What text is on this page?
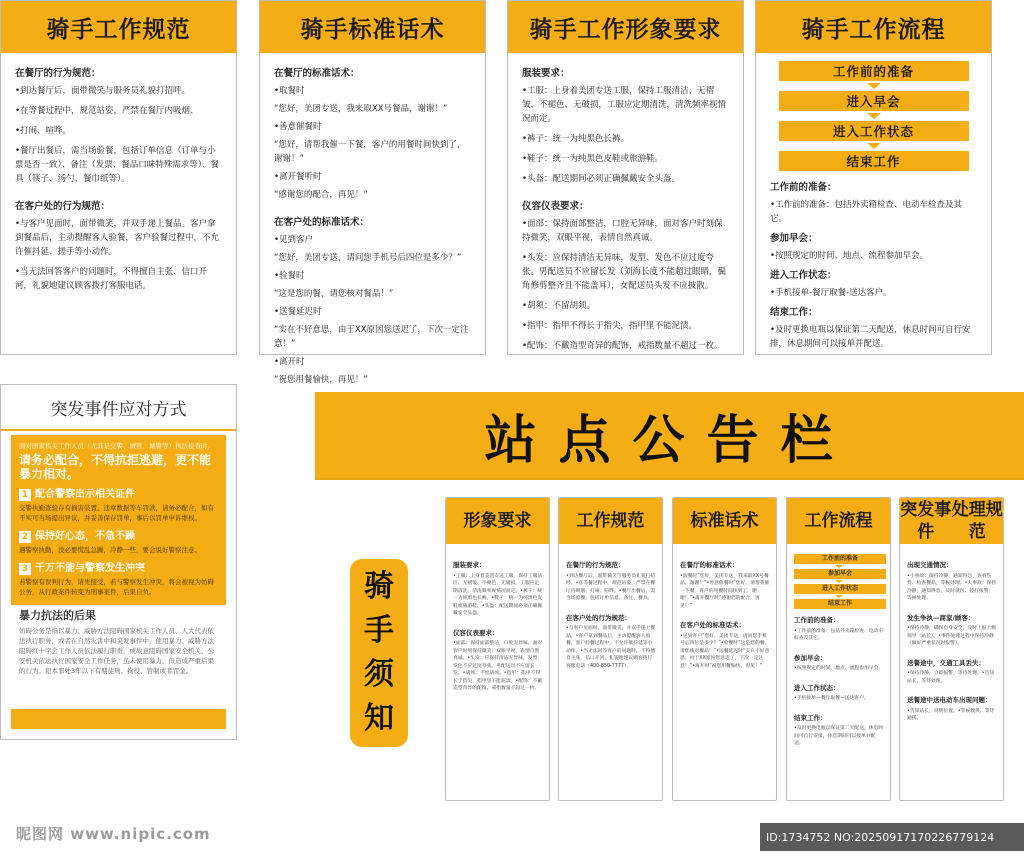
骑手工作规范
在餐厅的行为规范：
•到达餐厅后，面带微笑与服务员礼貌打招呼。
•在等餐过程中，规范站姿，严禁在餐厅内吸烟、
•打闹、喧哗。
•餐厅出餐后，需当场验餐，包括订单信息（订单与小票是否一致）、备注（发票、餐品口味特殊需求等）、餐具（筷子、汤勺、餐巾纸等）。
在客户处的行为规范：
•与客户见面时，面带微笑，并双手递上餐品。客户拿到餐品后，主动提醒客人验餐，客户验餐过程中，不允许催抖延、搓手等小动作。
•当无法回答客户的问题时，不得擅自主张、信口开河，礼貌地建议顾客拨打客服电话。
骑手标准话术
在餐厅的标准话术：
•取餐时
“您好，美团专送，我来取XX号餐品，谢谢！”
•善意催餐时
“您好，请帮我催一下餐，客户的用餐时间快到了，谢谢！”
•离开餐听时
“感谢您的配合，再见！”
在客户处的标准话术：
•见到客户
“您好，美团专送，请问您手机号后四位是多少？”
•验餐时
“这是您的餐，请您核对餐品！”
•送餐延迟时
“实在不好意思，由于XX原因您送迟了，下次一定注意！”
•离开时
“祝您用餐愉快，再见！”
骑手工作形象要求
服装要求：
•工服：上身着美团专送工服，保持工服清洁、无褶皱、不褪色、无破损，工服应定期清洗，清洗频率视情况而定。
•裤子：统一为纯黑色长裤。
•鞋子：统一为纯黑色皮鞋或旅游鞋。
•头盔：配送期间必须正确佩戴安全头盔。
仪容仪表要求：
•面部：保持面部整洁，口腔无异味，面对客户时刻保持微笑，双眼平视，表情自然真诚。
•头发：应保持清洁无异味，发型、发色不应过度夸张。男配送员不应留长发（刘海长度不能超过眼睛，鬓角修剪整齐且不能盖耳），女配送员头发不应披散。
•胡须：不留胡须。
•指甲：指甲不得长于指尖，指甲里不能泥渍。
•配饰：不戴造型奇异的配饰，戒指数量不超过一枚。
骑手工作流程
工作前的准备
进入早会
进入工作状态
结束工作
工作前的准备：
•工作前的准备：包括外卖箱检查、电动车检查及其它。
参加早会：
•按照规定的时间、地点、流程参加早会。
进入工作状态：
•手机接单-餐厅取餐-送达客户。
结束工作：
•及时更换电瓶以保证第二天配送，休息时间可自行安排，休息期间可以接单并配送。
突发事件应对方式
面对国家机关工作人员（尤其是交警、城管、城警等）执法检查时，
请务必配合，不得抗拒逃避，更不能暴力相对。
1 配合警察出示相关证件
交警执勤查验存有损害装置、违章数据等车罚款，请务必配合，如有不实可当场提出异议，并妥善保存罚单，事后以罚单申诉维权。
2 保持好心态，不急不躁
遇警察执勤，没必要慌乱急躁，冷静一些，要会说好警察注意。
3 千万不能与警察发生冲突
若警察有误判行为，请先接受，若与警察发生冲突，将会被视为妨碍公务，从行政案件转变为刑事案件，后果自负。
暴力抗法的后果
妨碍公务是指以暴力、威胁方法阻碍国家机关工作人员、人大代表依法执行职务，或者在自然灾害中和突发事件中，使用暴力、威胁方法阻碍红十字会工作人员依法履行职责，或故意阻碍国家安全机关、公安机关依法执行国家安全工作任务，虽未使用暴力、但造成严重后果的行为。犯本罪处3年以下有期徒刑、拘役、管制或者罚金。
站点公告栏
骑
手
须
知
形象要求
服装要求：
•工服：上身着美团专送工服，保持工服清洁、无褶皱、不褪色、无破损，工服应定期清洗，清洗频率视情况而定。•裤子：统一为纯黑色长裤。•鞋子：统一为纯黑色皮鞋或旅游鞋。•头盔：配送期间必须正确佩戴安全头盔。
仪容仪表要求：
•面部：保持面部整洁，口腔无异味，面对客户时刻保持微笑，双眼平视，表情自然真诚。•头发：应保持清洁无异味，发型、发色不应过度夸张。男配送员不应留长发。•胡须：不留胡须。•指甲：指甲不得长于指尖，指甲里不能泥渍。•配饰：不戴造型奇异的配饰，戒指数量不超过一枚。
工作规范
在餐厅的行为规范：
•到达餐厅后，面带微笑与服务员礼貌打招呼。•在等餐过程中，规范站姿，严禁在餐厅内吸烟、打闹、喧哗。•餐厅出餐后，需当场验餐，包括订单信息、备注、餐具。
在客户处的行为规范：
•与客户见面时，面带微笑，并双手递上餐品。•客户拿到餐品后，主动提醒客人验餐，客户验餐过程中，不允许催抖延等小动作。•当无法回答客户的问题时，不得擅自主张、信口开河，礼貌地建议顾客拨打客服电话（400-850-7777）。
标准话术
在餐厅的标准话术：
•取餐时“您好，美团专送，我来取XX号餐品，谢谢！”•善意催餐时“您好，请帮我催一下餐，客户的用餐时间快到了，谢谢！”•离开餐厅时“感谢您的配合，再见！”
在客户处的标准话术：
•见到客户“您好，美团专送，请问您手机号后四位是多少？”•验餐时“这是您的餐，请您核对餐品！”•送餐延迟时“实在不好意思，由于XX原因您送迟了，下次一定注意！”•离开时“祝您用餐愉快，再见！”
工作流程
工作前的准备
参加早会
进入工作状态
结束工作
工作前的准备：
•工作前的准备：包括外卖箱检查、电动车检查及其它。
参加早会：
•按照规定的时间、地点、流程参加早会。
进入工作状态：
•手机接单—餐厅取餐—送达客户。
结束工作：
•及时更换电瓶以保证第二天配送，休息时间可自行安排，休息期间可以接单并配送。
突发事件
处理规范
出现交通情况：
•小事故：保持冷静，通知得急，查看伤势、检查餐品，等候处理。•大事故：保持冷静，通知得急，及时就医、拨打报警，等候处理。
发生争执—商家/顾客：
•保持冷静，确保自身安全，及时上报上级领导（站长）。•事件处理过程中保持冷静（做好严重状况时报警）。
送餐途中，交通工具丢失：
•保持冷静，立即报警，等待处理。•告知站长，等待处理。
送餐途中送电动车出现问题：
•告知站长，说明位置。•等候救援，等待通援。
昵图网 www.nipic.com	ID:1734752 NO:20250917170226779124
